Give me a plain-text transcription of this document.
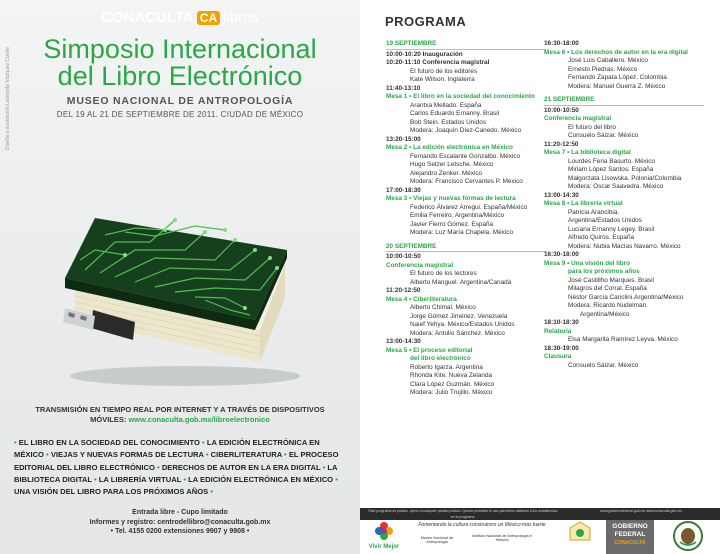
CONACULTA CA libros
Simposio Internacional
del Libro Electrónico
MUSEO NACIONAL DE ANTROPOLOGÍA
DEL 19 AL 21 DE SEPTIEMBRE DE 2011. CIUDAD DE MÉXICO
Diseño e ilustración Leonardo Vázquez Conde
TRANSMISIÓN EN TIEMPO REAL POR INTERNET Y A TRAVÉS DE DISPOSITIVOS
MÓVILES: www.conaculta.gob.mx/libroelectronico
• EL LIBRO EN LA SOCIEDAD DEL CONOCIMIENTO • LA EDICIÓN ELECTRÓNICA EN MÉXICO • VIEJAS Y NUEVAS FORMAS DE LECTURA • CIBERLITERATURA • EL PROCESO EDITORIAL DEL LIBRO ELECTRÓNICO • DERECHOS DE AUTOR EN LA ERA DIGITAL • LA BIBLIOTECA DIGITAL • LA LIBRERÍA VIRTUAL • LA EDICIÓN ELECTRÓNICA EN MÉXICO • UNA VISIÓN DEL LIBRO PARA LOS PRÓXIMOS AÑOS •
Entrada libre - Cupo limitado
Informes y registro: centrodellibro@conaculta.gob.mx
• Tel. 4155 0200 extensiones 9907 y 9908 •
PROGRAMA
19 SEPTIEMBRE
10:00-10:20 Inauguración
10:20-11:10 Conferencia magistral
El futuro de los editores
Kate Wilson. Inglaterra
11:40-13:10
Mesa 1 • El libro en la sociedad del conocimiento
Arantxa Mellado. España
Carlos Eduardo Ernanny. Brasil
Bob Stein. Estados Unidos
Modera: Joaquín Díez-Canedo. México
13:20-15:00
Mesa 2 • La edición electrónica en México
Fernando Escalante Gonzalbo. México
Hugo Setzer Letsche. México
Alejandro Zenker. México
Modera: Francisco Cervantes P. México
17:00-18:30
Mesa 3 • Viejas y nuevas formas de lectura
Federico Álvarez Arregui. España/México
Emilia Ferreiro. Argentina/México
Javier Fierro Gómez. España
Modera: Luz María Chapela. México
20 SEPTIEMBRE
10:00-10:50
Conferencia magistral
El futuro de los lectores
Alberto Manguel. Argentina/Canadá
11:20-12:50
Mesa 4 • Ciberliteratura
Alberto Chimal. México
Jorge Gómez Jiménez. Venezuela
Naief Yehya. México/Estados Unidos
Modera: Antulio Sánchez. México
13:00-14:30
Mesa 5 • El proceso editorial
del libro electrónico
Roberto Igarza. Argentina
Rhonda Kite. Nueva Zelanda
Clara López Guzmán. México
Modera: Julio Trujillo. México
16:30-18:00
Mesa 6 • Los derechos de autor en la era digital
José Luis Caballero. México
Ernesto Piedras. México
Fernando Zapata López. Colombia
Modera: Manuel Guerra Z. México
21 SEPTIEMBRE
10:00-10:50
Conferencia magistral
El futuro del libro
Consuelo Sáizar. México
11:20-12:50
Mesa 7 • La biblioteca digital
Lourdes Feria Basurto. México
Miriam López Santos. España
Małgorzata Lisowska. Polonia/Colombia
Modera: Oscar Saavedra. México
13:00-14:30
Mesa 8 • La librería virtual
Patricia Arancibia.
Argentina/Estados Unidos
Luciana Ernanny Legey. Brasil
Alfredo Quiros. España
Modera: Nubia Macías Navarro. México
16:30-18:00
Mesa 9 • Una visión del libro
para los próximos años
José Castillho Marques. Brasil
Milagros del Corral. España
Néstor García Canclini.Argentina/México
Modera: Ricardo Nudelman.
Argentina/México
18:10-18:30
Relatoría
Elsa Margarita Ramírez Leyva. México
18:30-19:00
Clausura
Consuelo Sáizar. México
Este programa es público, ajeno a cualquier partido político. Queda prohibido el uso para fines distintos a los establecidos en el programa.
www.gobiernofederal.gob.mx www.conaculta.gob.mx
Vivir Mejor
Fomentando la cultura construimos un México más fuerte
Museo Nacional de Antropología
Instituto Nacional de Antropología e Historia
GOBIERNO
FEDERAL
CONACULTA
